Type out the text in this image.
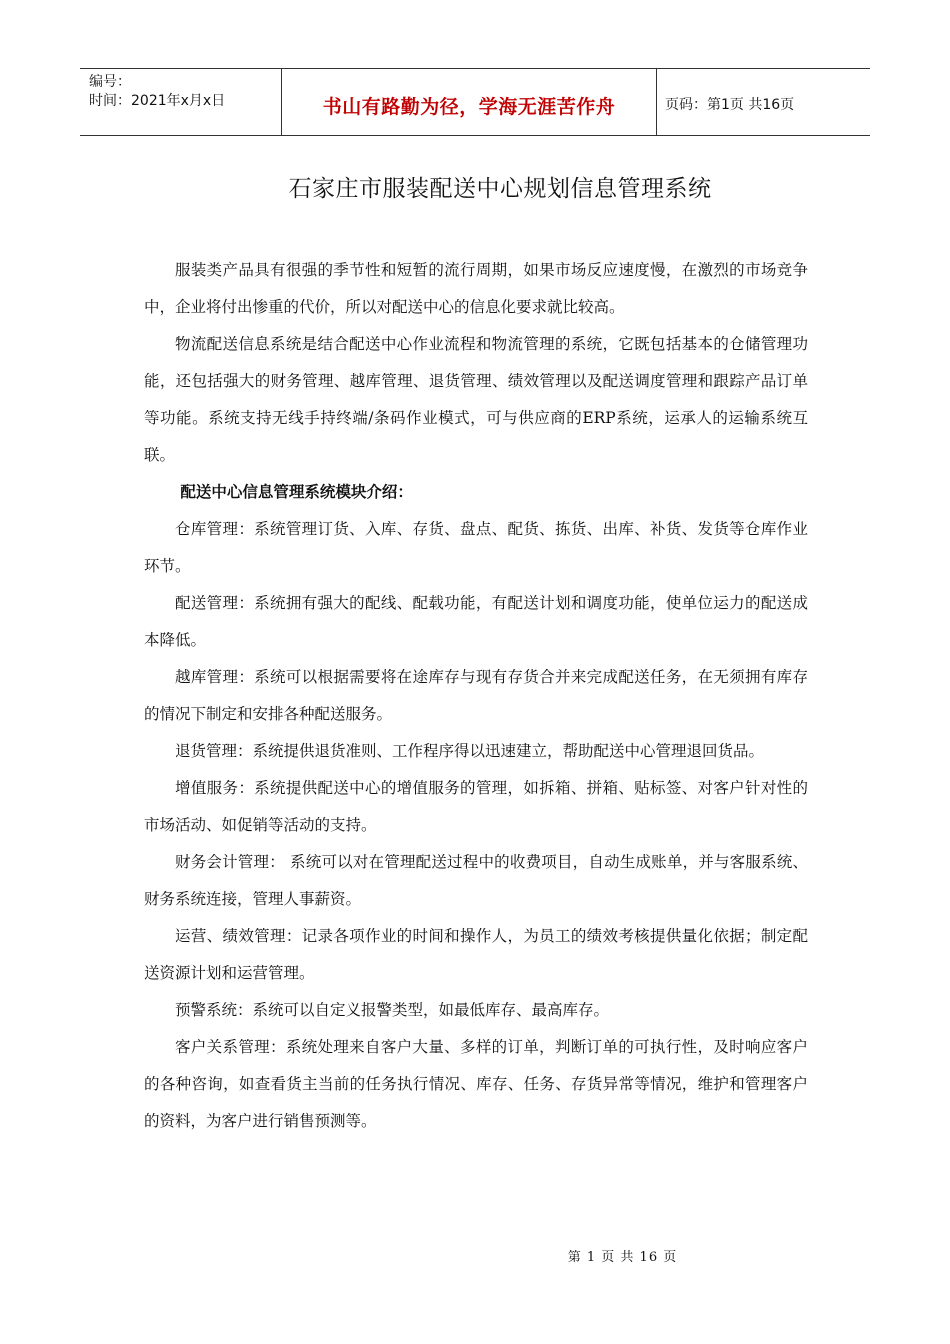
编号：
时间：2021年x月x日	书山有路勤为径，学海无涯苦作舟	页码：第1页 共16页
石家庄市服装配送中心规划信息管理系统

服装类产品具有很强的季节性和短暂的流行周期，如果市场反应速度慢，在激烈的市场竞争中，企业将付出惨重的代价，所以对配送中心的信息化要求就比较高。

物流配送信息系统是结合配送中心作业流程和物流管理的系统，它既包括基本的仓储管理功能，还包括强大的财务管理、越库管理、退货管理、绩效管理以及配送调度管理和跟踪产品订单等功能。系统支持无线手持终端/条码作业模式，可与供应商的ERP系统，运承人的运输系统互联。

配送中心信息管理系统模块介绍：

仓库管理：系统管理订货、入库、存货、盘点、配货、拣货、出库、补货、发货等仓库作业环节。

配送管理：系统拥有强大的配线、配载功能，有配送计划和调度功能，使单位运力的配送成本降低。

越库管理：系统可以根据需要将在途库存与现有存货合并来完成配送任务，在无须拥有库存的情况下制定和安排各种配送服务。

退货管理：系统提供退货准则、工作程序得以迅速建立，帮助配送中心管理退回货品。

增值服务：系统提供配送中心的增值服务的管理，如拆箱、拼箱、贴标签、对客户针对性的市场活动、如促销等活动的支持。

财务会计管理： 系统可以对在管理配送过程中的收费项目，自动生成账单，并与客服系统、财务系统连接，管理人事薪资。

运营、绩效管理：记录各项作业的时间和操作人，为员工的绩效考核提供量化依据；制定配送资源计划和运营管理。

预警系统：系统可以自定义报警类型，如最低库存、最高库存。

客户关系管理：系统处理来自客户大量、多样的订单，判断订单的可执行性，及时响应客户的各种咨询，如查看货主当前的任务执行情况、库存、任务、存货异常等情况，维护和管理客户的资料，为客户进行销售预测等。

第 1 页 共 16 页
